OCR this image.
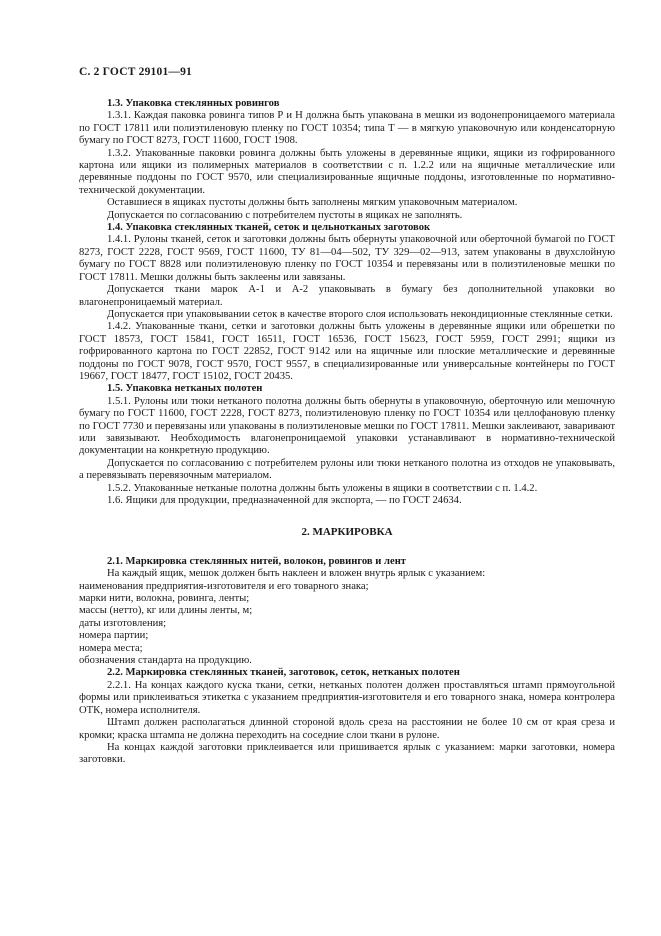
С. 2 ГОСТ 29101—91

1.3. Упаковка стеклянных ровингов

1.3.1. Каждая паковка ровинга типов Р и Н должна быть упакована в мешки из водонепроницаемого материала по ГОСТ 17811 или полиэтиленовую пленку по ГОСТ 10354; типа Т — в мягкую упаковочную или конденсаторную бумагу по ГОСТ 8273, ГОСТ 11600, ГОСТ 1908.

1.3.2. Упакованные паковки ровинга должны быть уложены в деревянные ящики, ящики из гофрированного картона или ящики из полимерных материалов в соответствии с п. 1.2.2 или на ящичные металлические или деревянные поддоны по ГОСТ 9570, или специализированные ящичные поддоны, изготовленные по нормативно-технической документации.

Оставшиеся в ящиках пустоты должны быть заполнены мягким упаковочным материалом.

Допускается по согласованию с потребителем пустоты в ящиках не заполнять.

1.4. Упаковка стеклянных тканей, сеток и цельнотканых заготовок

1.4.1. Рулоны тканей, сеток и заготовки должны быть обернуты упаковочной или оберточной бумагой по ГОСТ 8273, ГОСТ 2228, ГОСТ 9569, ГОСТ 11600, ТУ 81—04—502, ТУ 329—02—913, затем упакованы в двухслойную бумагу по ГОСТ 8828 или полиэтиленовую пленку по ГОСТ 10354 и перевязаны или в полиэтиленовые мешки по ГОСТ 17811. Мешки должны быть заклеены или завязаны.

Допускается ткани марок А-1 и А-2 упаковывать в бумагу без дополнительной упаковки во влагонепроницаемый материал.

Допускается при упаковывании сеток в качестве второго слоя использовать некондиционные стеклянные сетки.

1.4.2. Упакованные ткани, сетки и заготовки должны быть уложены в деревянные ящики или обрешетки по ГОСТ 18573, ГОСТ 15841, ГОСТ 16511, ГОСТ 16536, ГОСТ 15623, ГОСТ 5959, ГОСТ 2991; ящики из гофрированного картона по ГОСТ 22852, ГОСТ 9142 или на ящичные или плоские металлические и деревянные поддоны по ГОСТ 9078, ГОСТ 9570, ГОСТ 9557, в специализированные или универсальные контейнеры по ГОСТ 19667, ГОСТ 18477, ГОСТ 15102, ГОСТ 20435.

1.5. Упаковка нетканых полотен

1.5.1. Рулоны или тюки нетканого полотна должны быть обернуты в упаковочную, оберточную или мешочную бумагу по ГОСТ 11600, ГОСТ 2228, ГОСТ 8273, полиэтиленовую пленку по ГОСТ 10354 или целлофановую пленку по ГОСТ 7730 и перевязаны или упакованы в полиэтиленовые мешки по ГОСТ 17811. Мешки заклеивают, заваривают или завязывают. Необходимость влагонепроницаемой упаковки устанавливают в нормативно-технической документации на конкретную продукцию.

Допускается по согласованию с потребителем рулоны или тюки нетканого полотна из отходов не упаковывать, а перевязывать перевязочным материалом.

1.5.2. Упакованные нетканые полотна должны быть уложены в ящики в соответствии с п. 1.4.2.

1.6. Ящики для продукции, предназначенной для экспорта, — по ГОСТ 24634.

2. МАРКИРОВКА

2.1. Маркировка стеклянных нитей, волокон, ровингов и лент

На каждый ящик, мешок должен быть наклеен и вложен внутрь ярлык с указанием:

наименования предприятия-изготовителя и его товарного знака;

марки нити, волокна, ровинга, ленты;

массы (нетто), кг или длины ленты, м;

даты изготовления;

номера партии;

номера места;

обозначения стандарта на продукцию.

2.2. Маркировка стеклянных тканей, заготовок, сеток, нетканых полотен

2.2.1. На концах каждого куска ткани, сетки, нетканых полотен должен проставляться штамп прямоугольной формы или приклеиваться этикетка с указанием предприятия-изготовителя и его товарного знака, номера контролера ОТК, номера исполнителя.

Штамп должен располагаться длинной стороной вдоль среза на расстоянии не более 10 см от края среза и кромки; краска штампа не должна переходить на соседние слои ткани в рулоне.

На концах каждой заготовки приклеивается или пришивается ярлык с указанием: марки заготовки, номера заготовки.
